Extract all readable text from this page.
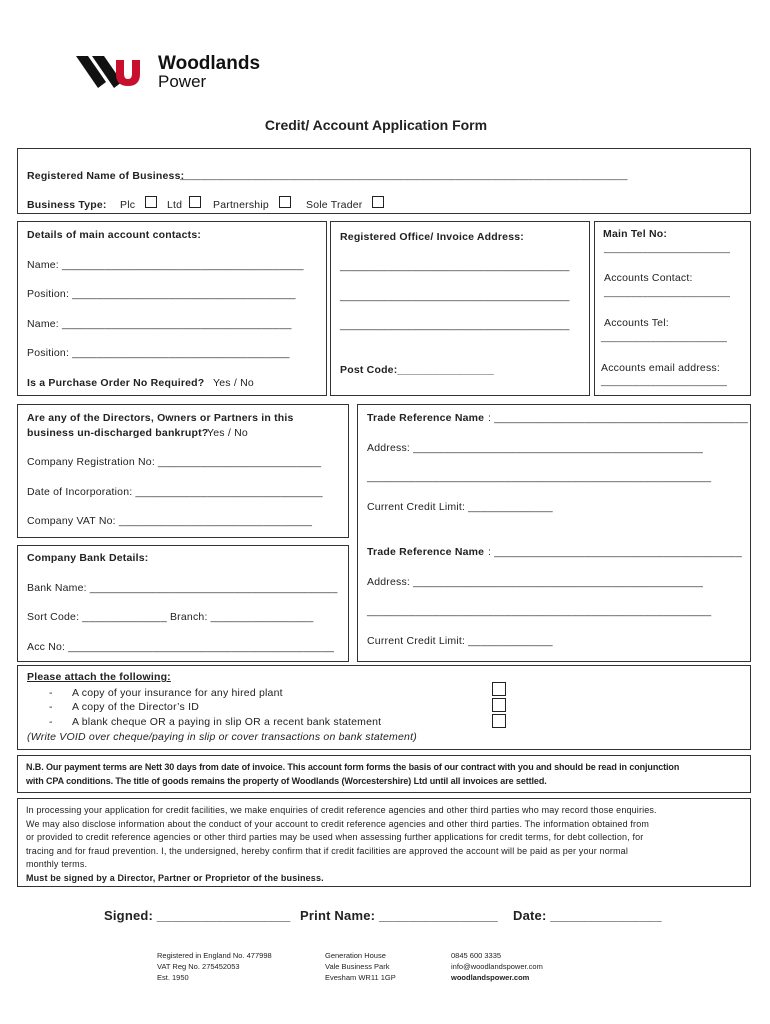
Woodlands
Power
Credit/ Account Application Form
Registered Name of Business:
______________________________________________________________________________________
Business Type: Plc	Ltd	Partnership	Sole Trader
Details of main account contacts:
Name: ________________________________________
Position: _____________________________________
Name: ______________________________________
Position: ____________________________________
Is a Purchase Order No Required? Yes / No
Registered Office/ Invoice Address:
______________________________________
______________________________________
______________________________________
Post Code:________________
Main Tel No:
_______________________
Accounts Contact:
_______________________
Accounts Tel:
_______________________
Accounts email address:
_______________________
Are any of the Directors, Owners or Partners in this
business un-discharged bankrupt?
Yes / No
Company Registration No: ___________________________
Date of Incorporation: _______________________________
Company VAT No: ________________________________
Trade Reference Name : __________________________________________
Address: ________________________________________________
_________________________________________________________
Current Credit Limit: ______________
Trade Reference Name : _________________________________________
Address: ________________________________________________
_________________________________________________________
Current Credit Limit: ______________
Company Bank Details:
Bank Name: _________________________________________
Sort Code: ______________ Branch: _________________
Acc No: ____________________________________________
Please attach the following:
- A copy of your insurance for any hired plant
- A copy of the Director’s ID
- A blank cheque OR a paying in slip OR a recent bank statement
(Write VOID over cheque/paying in slip or cover transactions on bank statement)
N.B. Our payment terms are Nett 30 days from date of invoice. This account form forms the basis of our contract with you and should be read in conjunction
with CPA conditions. The title of goods remains the property of Woodlands (Worcestershire) Ltd until all invoices are settled.
In processing your application for credit facilities, we make enquiries of credit reference agencies and other third parties who may record those enquiries.
We may also disclose information about the conduct of your account to credit reference agencies and other third parties. The information obtained from
or provided to credit reference agencies or other third parties may be used when assessing further applications for credit terms, for debt collection, for
tracing and for fraud prevention. I, the undersigned, hereby confirm that if credit facilities are approved the account will be paid as per your normal
monthly terms.
Must be signed by a Director, Partner or Proprietor of the business.
Signed: __________________ Print Name: ________________ Date: _______________
Registered in England No. 477998
VAT Reg No. 275452053
Est. 1950
Generation House
Vale Business Park
Evesham WR11 1GP
0845 600 3335
info@woodlandspower.com
woodlandspower.com
